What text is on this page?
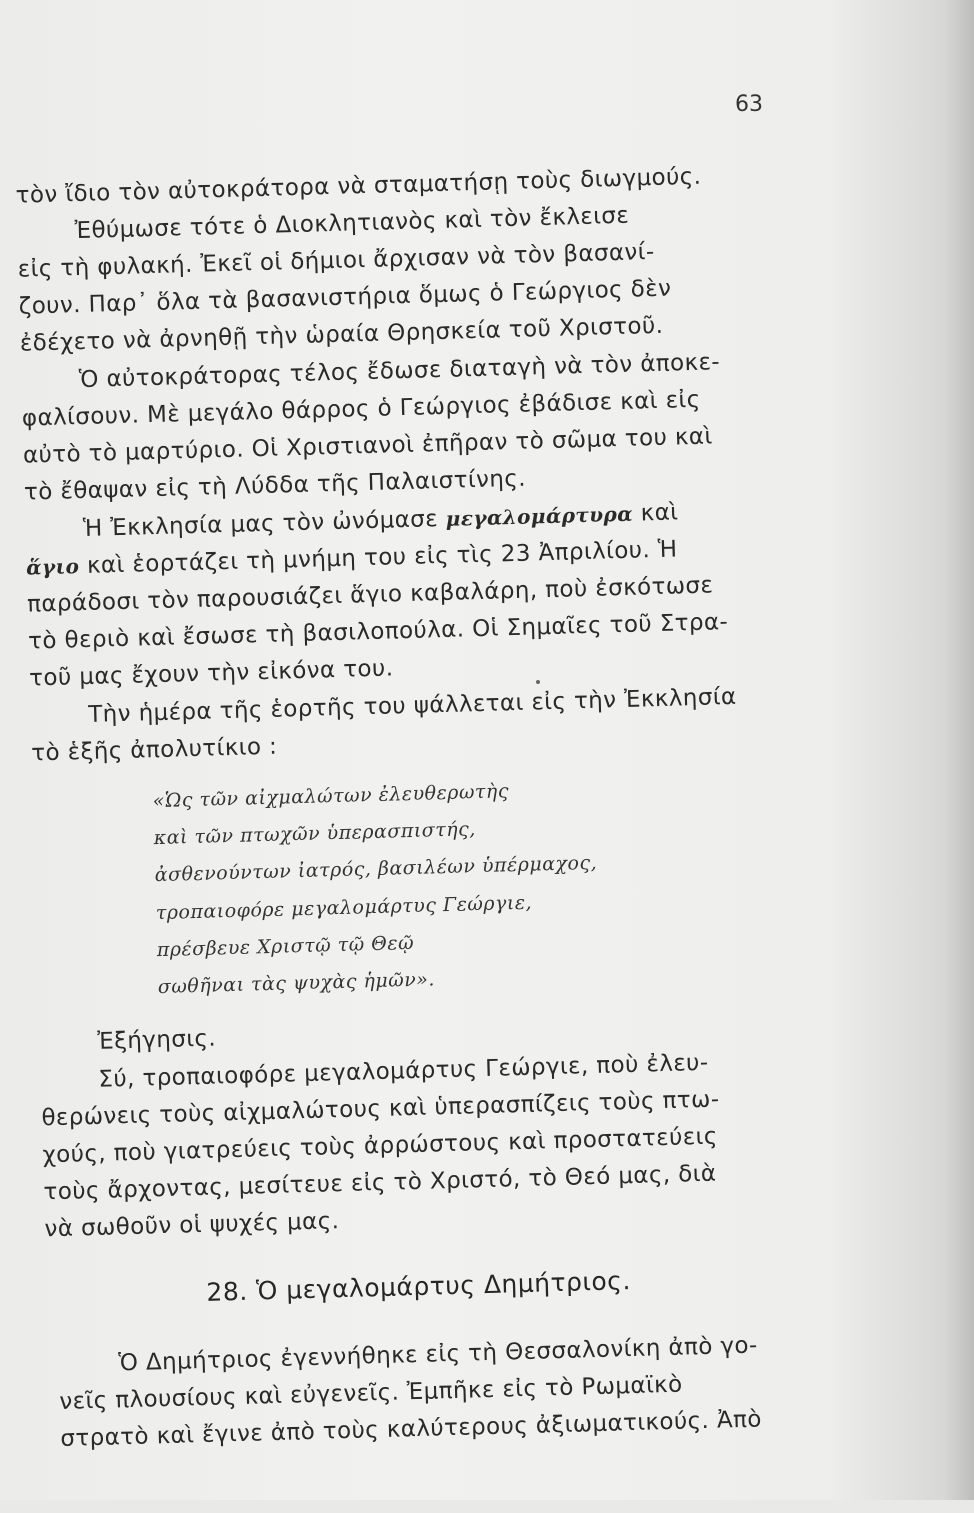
63
τὸν ἴδιο τὸν αὐτοκράτορα νὰ σταματήσῃ τοὺς διωγμούς.
Ἐθύμωσε τότε ὁ Διοκλητιανὸς καὶ τὸν ἔκλεισε
εἰς τὴ φυλακή. Ἐκεῖ οἱ δήμιοι ἄρχισαν νὰ τὸν βασανί-
ζουν. Παρ᾽ ὅλα τὰ βασανιστήρια ὅμως ὁ Γεώργιος δὲν
ἐδέχετο νὰ ἀρνηθῇ τὴν ὡραία Θρησκεία τοῦ Χριστοῦ.
Ὁ αὐτοκράτορας τέλος ἔδωσε διαταγὴ νὰ τὸν ἀποκε-
φαλίσουν. Μὲ μεγάλο θάρρος ὁ Γεώργιος ἐβάδισε καὶ εἰς
αὐτὸ τὸ μαρτύριο. Οἱ Χριστιανοὶ ἐπῆραν τὸ σῶμα του καὶ
τὸ ἔθαψαν εἰς τὴ Λύδδα τῆς Παλαιστίνης.
Ἡ Ἐκκλησία μας τὸν ὠνόμασε μεγαλομάρτυρα καὶ
ἅγιο καὶ ἑορτάζει τὴ μνήμη του εἰς τὶς 23 Ἀπριλίου. Ἡ
παράδοσι τὸν παρουσιάζει ἅγιο καβαλάρη, ποὺ ἐσκότωσε
τὸ θεριὸ καὶ ἔσωσε τὴ βασιλοπούλα. Οἱ Σημαῖες τοῦ Στρα-
τοῦ μας ἔχουν τὴν εἰκόνα του.
Τὴν ἡμέρα τῆς ἑορτῆς του ψάλλεται εἰς τὴν Ἐκκλησία
τὸ ἑξῆς ἀπολυτίκιο :
«Ὡς τῶν αἰχμαλώτων ἐλευθερωτὴς
καὶ τῶν πτωχῶν ὑπερασπιστής,
ἀσθενούντων ἰατρός, βασιλέων ὑπέρμαχος,
τροπαιοφόρε μεγαλομάρτυς Γεώργιε,
πρέσβευε Χριστῷ τῷ Θεῷ
σωθῆναι τὰς ψυχὰς ἡμῶν».
Ἐξήγησις.
Σύ, τροπαιοφόρε μεγαλομάρτυς Γεώργιε, ποὺ ἐλευ-
θερώνεις τοὺς αἰχμαλώτους καὶ ὑπερασπίζεις τοὺς πτω-
χούς, ποὺ γιατρεύεις τοὺς ἀρρώστους καὶ προστατεύεις
τοὺς ἄρχοντας, μεσίτευε εἰς τὸ Χριστό, τὸ Θεό μας, διὰ
νὰ σωθοῦν οἱ ψυχές μας.
28. Ὁ μεγαλομάρτυς Δημήτριος.
Ὁ Δημήτριος ἐγεννήθηκε εἰς τὴ Θεσσαλονίκη ἀπὸ γο-
νεῖς πλουσίους καὶ εὐγενεῖς. Ἐμπῆκε εἰς τὸ Ρωμαϊκὸ
στρατὸ καὶ ἔγινε ἀπὸ τοὺς καλύτερους ἀξιωματικούς. Ἀπὸ
